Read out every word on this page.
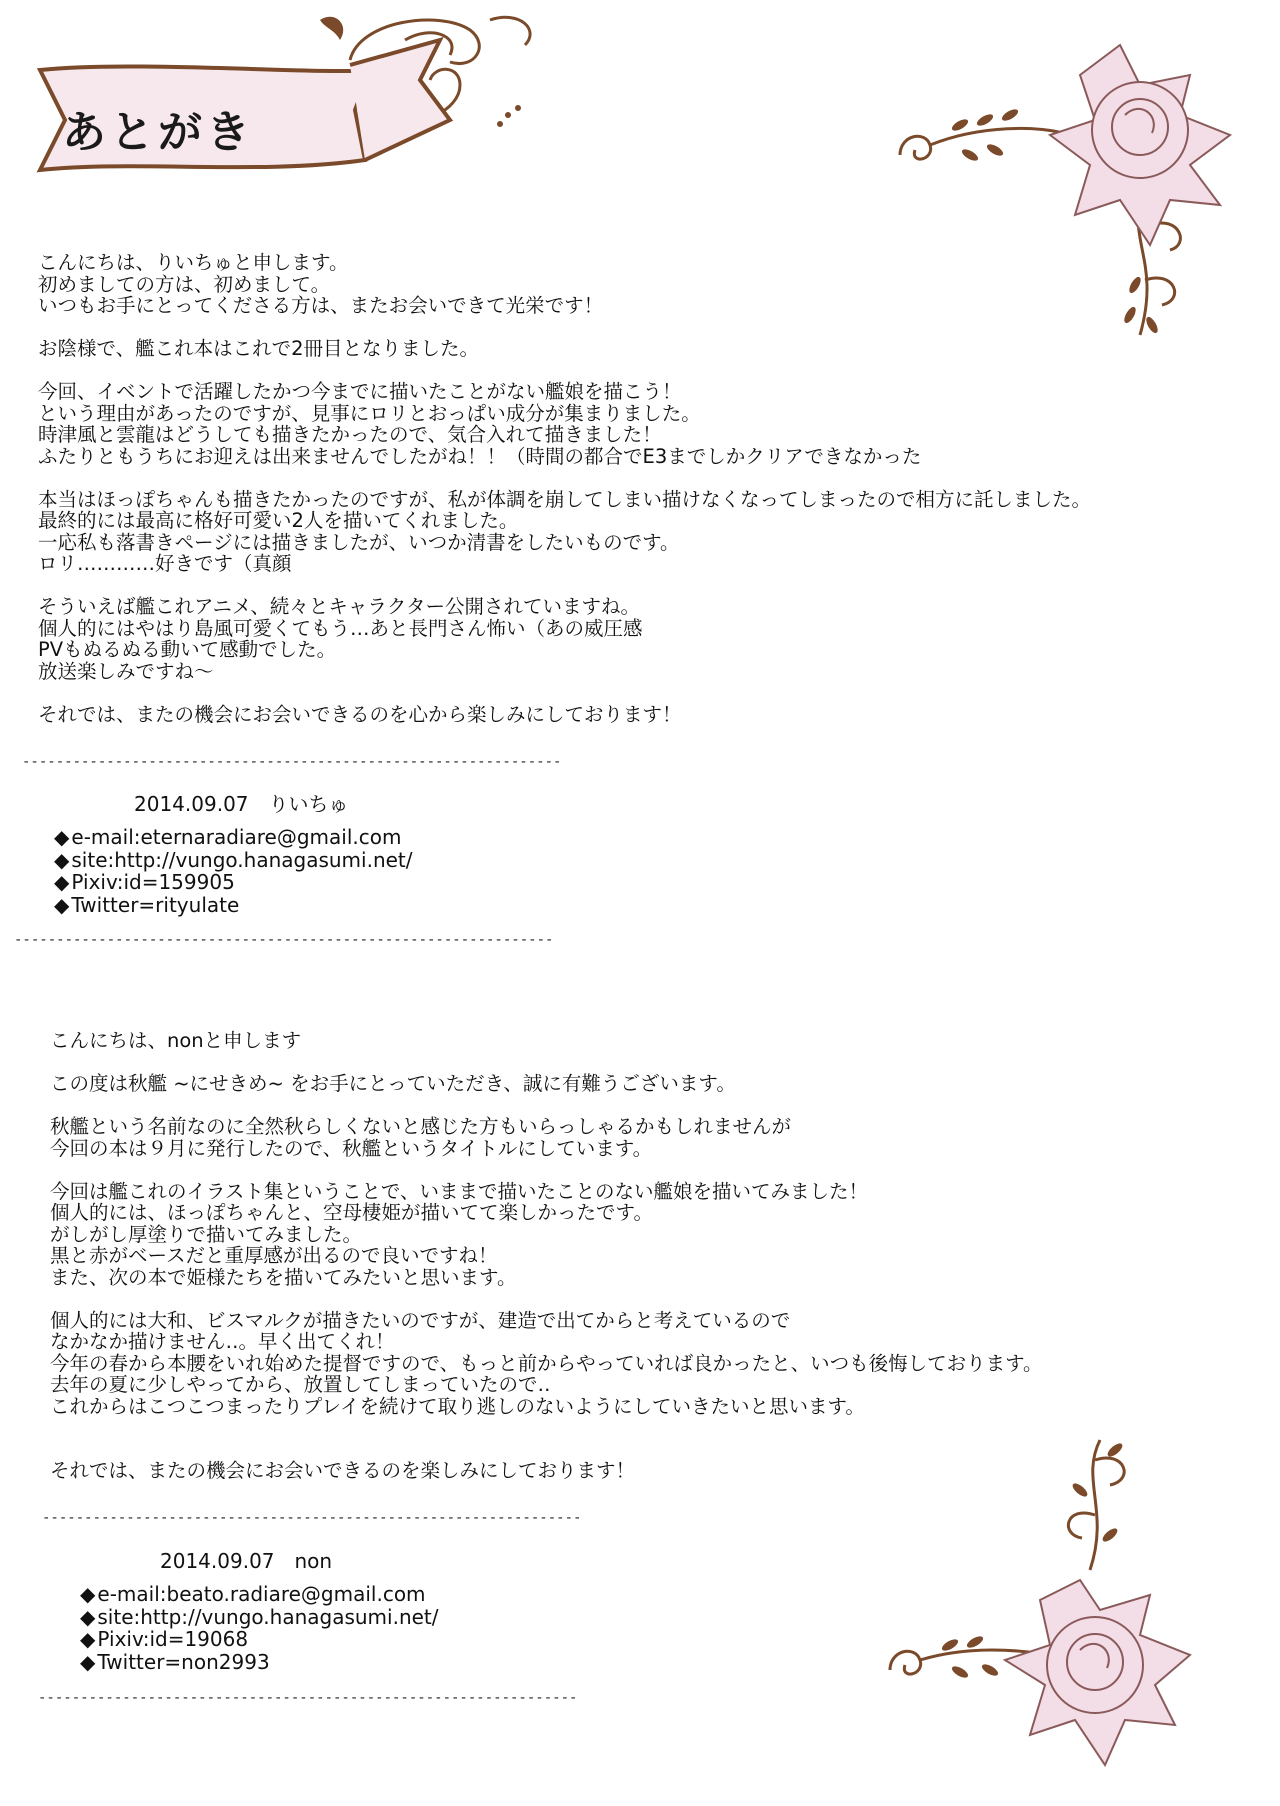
あとがき

こんにちは、りいちゅと申します。

初めましての方は、初めまして。

いつもお手にとってくださる方は、またお会いできて光栄です！

お陰様で、艦これ本はこれで2冊目となりました。

今回、イベントで活躍したかつ今までに描いたことがない艦娘を描こう！

という理由があったのですが、見事にロリとおっぱい成分が集まりました。

時津風と雲龍はどうしても描きたかったので、気合入れて描きました！

ふたりともうちにお迎えは出来ませんでしたがね！！（時間の都合でE3までしかクリアできなかった

本当はほっぽちゃんも描きたかったのですが、私が体調を崩してしまい描けなくなってしまったので相方に託しました。

最終的には最高に格好可愛い2人を描いてくれました。

一応私も落書きページには描きましたが、いつか清書をしたいものです。

ロリ…………好きです（真顔

そういえば艦これアニメ、続々とキャラクター公開されていますね。

個人的にはやはり島風可愛くてもう…あと長門さん怖い（あの威圧感

PVもぬるぬる動いて感動でした。

放送楽しみですね～

それでは、またの機会にお会いできるのを心から楽しみにしております！

----------------------------------------------------------------
2014.09.07　りいちゅ
◆ e-mail:eternaradiare@gmail.com
◆ site:http://vungo.hanagasumi.net/
◆ Pixiv:id=159905
◆ Twitter=rityulate
----------------------------------------------------------------

こんにちは、nonと申します

この度は秋艦 ~にせきめ~ をお手にとっていただき、誠に有難うございます。

秋艦という名前なのに全然秋らしくないと感じた方もいらっしゃるかもしれませんが

今回の本は９月に発行したので、秋艦というタイトルにしています。

今回は艦これのイラスト集ということで、いままで描いたことのない艦娘を描いてみました！

個人的には、ほっぽちゃんと、空母棲姫が描いてて楽しかったです。

がしがし厚塗りで描いてみました。

黒と赤がベースだと重厚感が出るので良いですね！

また、次の本で姫様たちを描いてみたいと思います。

個人的には大和、ビスマルクが描きたいのですが、建造で出てからと考えているので

なかなか描けません‥。早く出てくれ！

今年の春から本腰をいれ始めた提督ですので、もっと前からやっていれば良かったと、いつも後悔しております。

去年の夏に少しやってから、放置してしまっていたので‥

これからはこつこつまったりプレイを続けて取り逃しのないようにしていきたいと思います。

それでは、またの機会にお会いできるのを楽しみにしております！

----------------------------------------------------------------
2014.09.07　non
◆ e-mail:beato.radiare@gmail.com
◆ site:http://vungo.hanagasumi.net/
◆ Pixiv:id=19068
◆ Twitter=non2993
----------------------------------------------------------------
